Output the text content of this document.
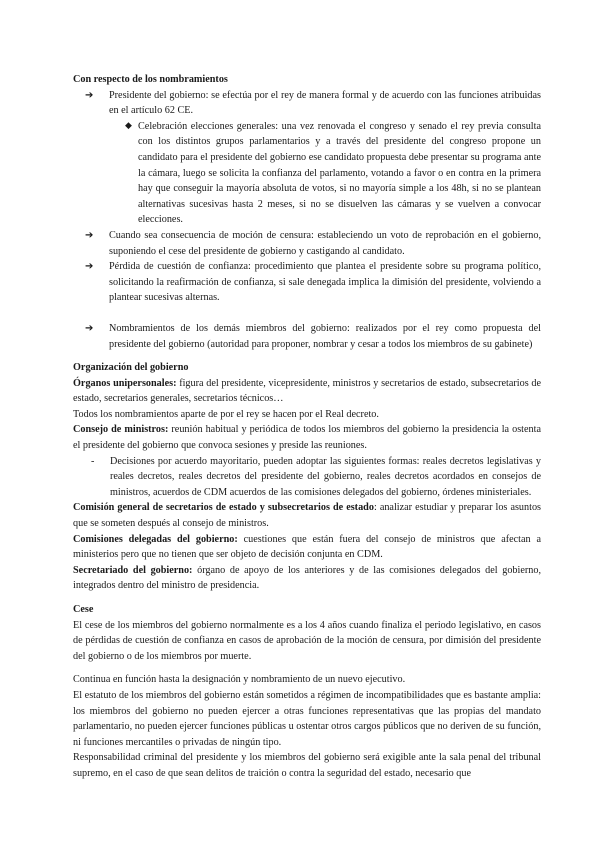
Con respecto de los nombramientos
➔	Presidente del gobierno: se efectúa por el rey de manera formal y de acuerdo con las funciones atribuidas en el artículo 62 CE.
◆ Celebración elecciones generales: una vez renovada el congreso y senado el rey previa consulta con los distintos grupos parlamentarios y a través del presidente del congreso propone un candidato para el presidente del gobierno ese candidato propuesta debe presentar su programa ante la cámara, luego se solicita la confianza del parlamento, votando a favor o en contra en la primera hay que conseguir la mayoría absoluta de votos, si no mayoría simple a los 48h, si no se plantean alternativas sucesivas hasta 2 meses, si no se disuelven las cámaras y se vuelven a convocar elecciones.
➔	Cuando sea consecuencia de moción de censura: estableciendo un voto de reprobación en el gobierno, suponiendo el cese del presidente de gobierno y castigando al candidato.
➔	Pérdida de cuestión de confianza: procedimiento que plantea el presidente sobre su programa político, solicitando la reafirmación de confianza, si sale denegada implica la dimisión del presidente, volviendo a plantear sucesivas alternas.
➔	Nombramientos de los demás miembros del gobierno: realizados por el rey como propuesta del presidente del gobierno (autoridad para proponer, nombrar y cesar a todos los miembros de su gabinete)
Organización del gobierno
Órganos unipersonales: figura del presidente, vicepresidente, ministros y secretarios de estado, subsecretarios de estado, secretarios generales, secretarios técnicos…
Todos los nombramientos aparte de por el rey se hacen por el Real decreto.
Consejo de ministros: reunión habitual y periódica de todos los miembros del gobierno la presidencia la ostenta el presidente del gobierno que convoca sesiones y preside las reuniones.
- Decisiones por acuerdo mayoritario, pueden adoptar las siguientes formas: reales decretos legislativas y reales decretos, reales decretos del presidente del gobierno, reales decretos acordados en consejos de ministros, acuerdos de CDM acuerdos de las comisiones delegados del gobierno, órdenes ministeriales.
Comisión general de secretarios de estado y subsecretarios de estado: analizar estudiar y preparar los asuntos que se someten después al consejo de ministros.
Comisiones delegadas del gobierno: cuestiones que están fuera del consejo de ministros que afectan a ministerios pero que no tienen que ser objeto de decisión conjunta en CDM.
Secretariado del gobierno: órgano de apoyo de los anteriores y de las comisiones delegados del gobierno, integrados dentro del ministro de presidencia.
Cese
El cese de los miembros del gobierno normalmente es a los 4 años cuando finaliza el periodo legislativo, en casos de pérdidas de cuestión de confianza en casos de aprobación de la moción de censura, por dimisión del presidente del gobierno o de los miembros por muerte.
Continua en función hasta la designación y nombramiento de un nuevo ejecutivo.
El estatuto de los miembros del gobierno están sometidos a régimen de incompatibilidades que es bastante amplia: los miembros del gobierno no pueden ejercer a otras funciones representativas que las propias del mandato parlamentario, no pueden ejercer funciones públicas u ostentar otros cargos públicos que no deriven de su función, ni funciones mercantiles o privadas de ningún tipo.
Responsabilidad criminal del presidente y los miembros del gobierno será exigible ante la sala penal del tribunal supremo, en el caso de que sean delitos de traición o contra la seguridad del estado, necesario que
